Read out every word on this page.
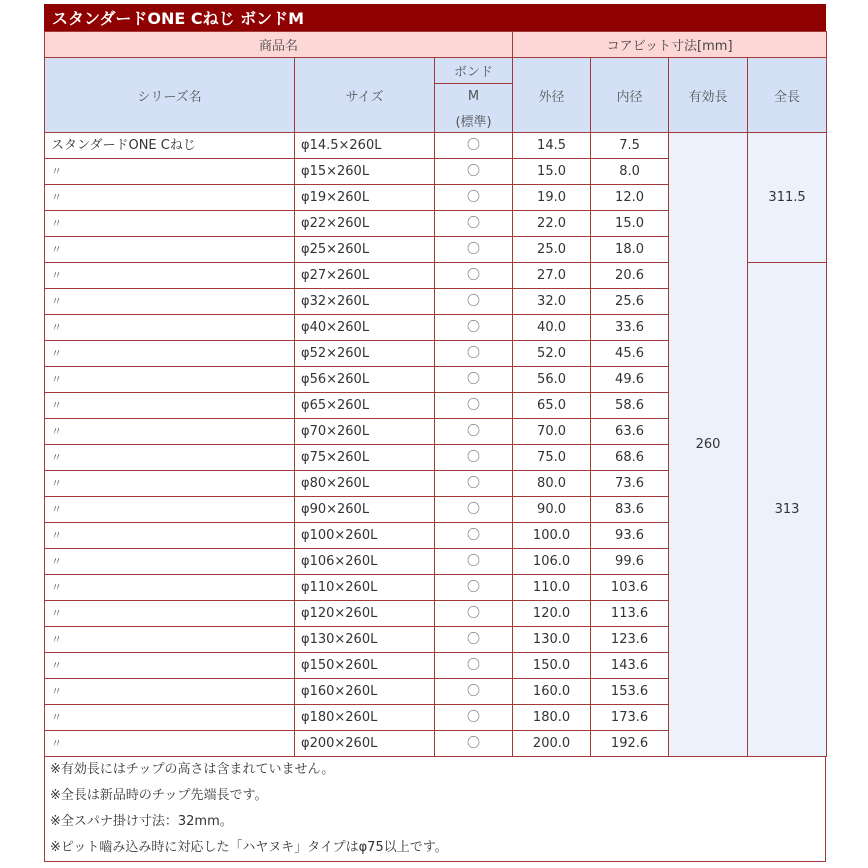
スタンダードONE Cねじ ボンドM
商品名			コアビット寸法[mm]			
シリーズ名	サイズ	ボンド	外径	内径	有効長	全長
		M				
		(標準)				
スタンダードONE Cねじ	φ14.5×260L	〇	14.5	7.5	260	311.5
〃	φ15×260L	〇	15.0	8.0		
〃	φ19×260L	〇	19.0	12.0		
〃	φ22×260L	〇	22.0	15.0		
〃	φ25×260L	〇	25.0	18.0		
〃	φ27×260L	〇	27.0	20.6		313
〃	φ32×260L	〇	32.0	25.6		
〃	φ40×260L	〇	40.0	33.6		
〃	φ52×260L	〇	52.0	45.6		
〃	φ56×260L	〇	56.0	49.6		
〃	φ65×260L	〇	65.0	58.6		
〃	φ70×260L	〇	70.0	63.6		
〃	φ75×260L	〇	75.0	68.6		
〃	φ80×260L	〇	80.0	73.6		
〃	φ90×260L	〇	90.0	83.6		
〃	φ100×260L	〇	100.0	93.6		
〃	φ106×260L	〇	106.0	99.6		
〃	φ110×260L	〇	110.0	103.6		
〃	φ120×260L	〇	120.0	113.6		
〃	φ130×260L	〇	130.0	123.6		
〃	φ150×260L	〇	150.0	143.6		
〃	φ160×260L	〇	160.0	153.6		
〃	φ180×260L	〇	180.0	173.6		
〃	φ200×260L	〇	200.0	192.6		
※有効長にはチップの高さは含まれていません。
※全長は新品時のチップ先端長です。
※全スパナ掛け寸法：32mm。
※ピット嚙み込み時に対応した「ハヤヌキ」タイプはφ75以上です。
